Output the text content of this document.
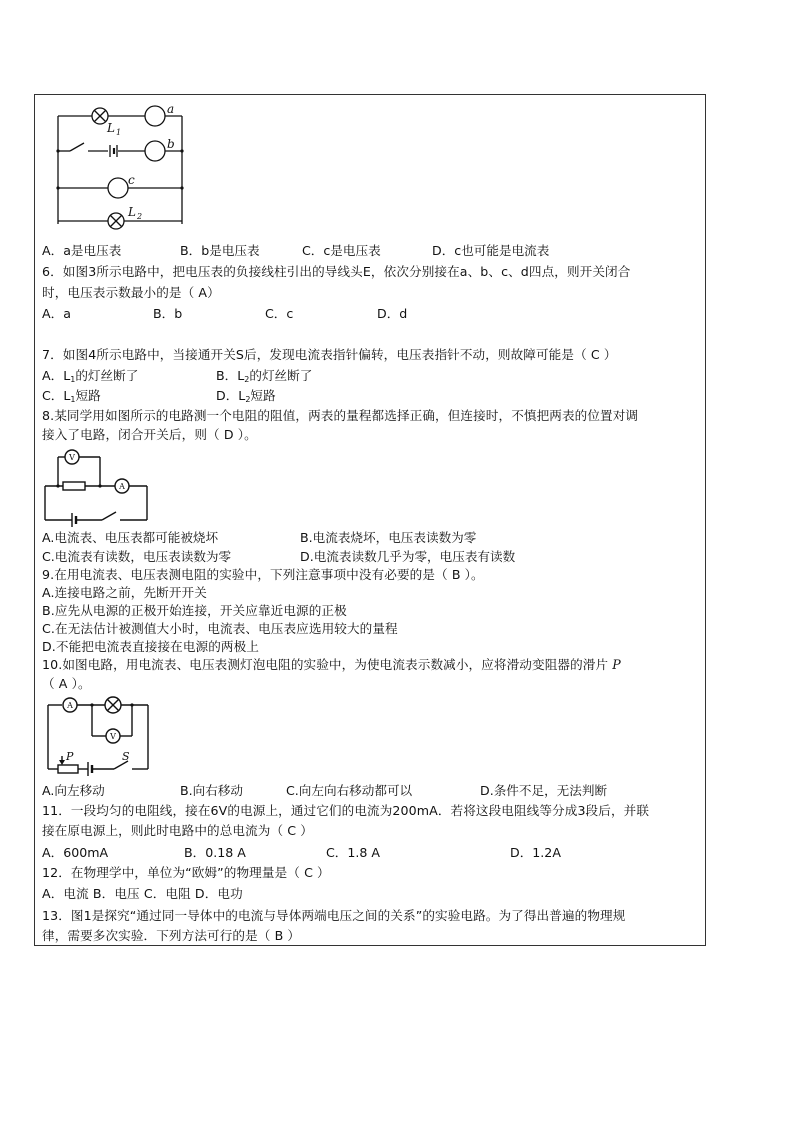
a
b
c
L 1
L 2
A．a是电压表	B．b是电压表	C．c是电压表	D．c也可能是电流表
6．如图3所示电路中，把电压表的负接线柱引出的导线头E，依次分别接在a、b、c、d四点，则开关闭合
时，电压表示数最小的是（ A）
A．a	B．b	C．c	D．d
7．如图4所示电路中，当接通开关S后，发现电流表指针偏转，电压表指针不动，则故障可能是（ C ）
A．$L_1$的灯丝断了	B．$L_2$的灯丝断了
C．$L_1$短路	D．$L_2$短路
8.某同学用如图所示的电路测一个电阻的阻值，两表的量程都选择正确，但连接时，不慎把两表的位置对调
接入了电路，闭合开关后，则（ D ）。
V
A
A.电流表、电压表都可能被烧坏	B.电流表烧坏，电压表读数为零
C.电流表有读数，电压表读数为零	D.电流表读数几乎为零，电压表有读数
9.在用电流表、电压表测电阻的实验中，下列注意事项中没有必要的是（ B ）。
A.连接电路之前，先断开开关
B.应先从电源的正极开始连接，开关应靠近电源的正极
C.在无法估计被测值大小时，电流表、电压表应选用较大的量程
D.不能把电流表直接接在电源的两极上
10.如图电路，用电流表、电压表测灯泡电阻的实验中，为使电流表示数减小，应将滑动变阻器的滑片 P
（ A ）。
A
V
P	S
A.向左移动	B.向右移动	C.向左向右移动都可以	D.条件不足，无法判断
11．一段均匀的电阻线，接在6V的电源上，通过它们的电流为200mA．若将这段电阻线等分成3段后，并联
接在原电源上，则此时电路中的总电流为（ C ）
A．600mA	B．0.18 A	C．1.8 A	D．1.2A
12．在物理学中，单位为“欧姆”的物理量是（ C ）
A．电流 B．电压 C．电阻 D．电功
13．图1是探究“通过同一导体中的电流与导体两端电压之间的关系”的实验电路。为了得出普遍的物理规
律，需要多次实验．下列方法可行的是（ B ）
